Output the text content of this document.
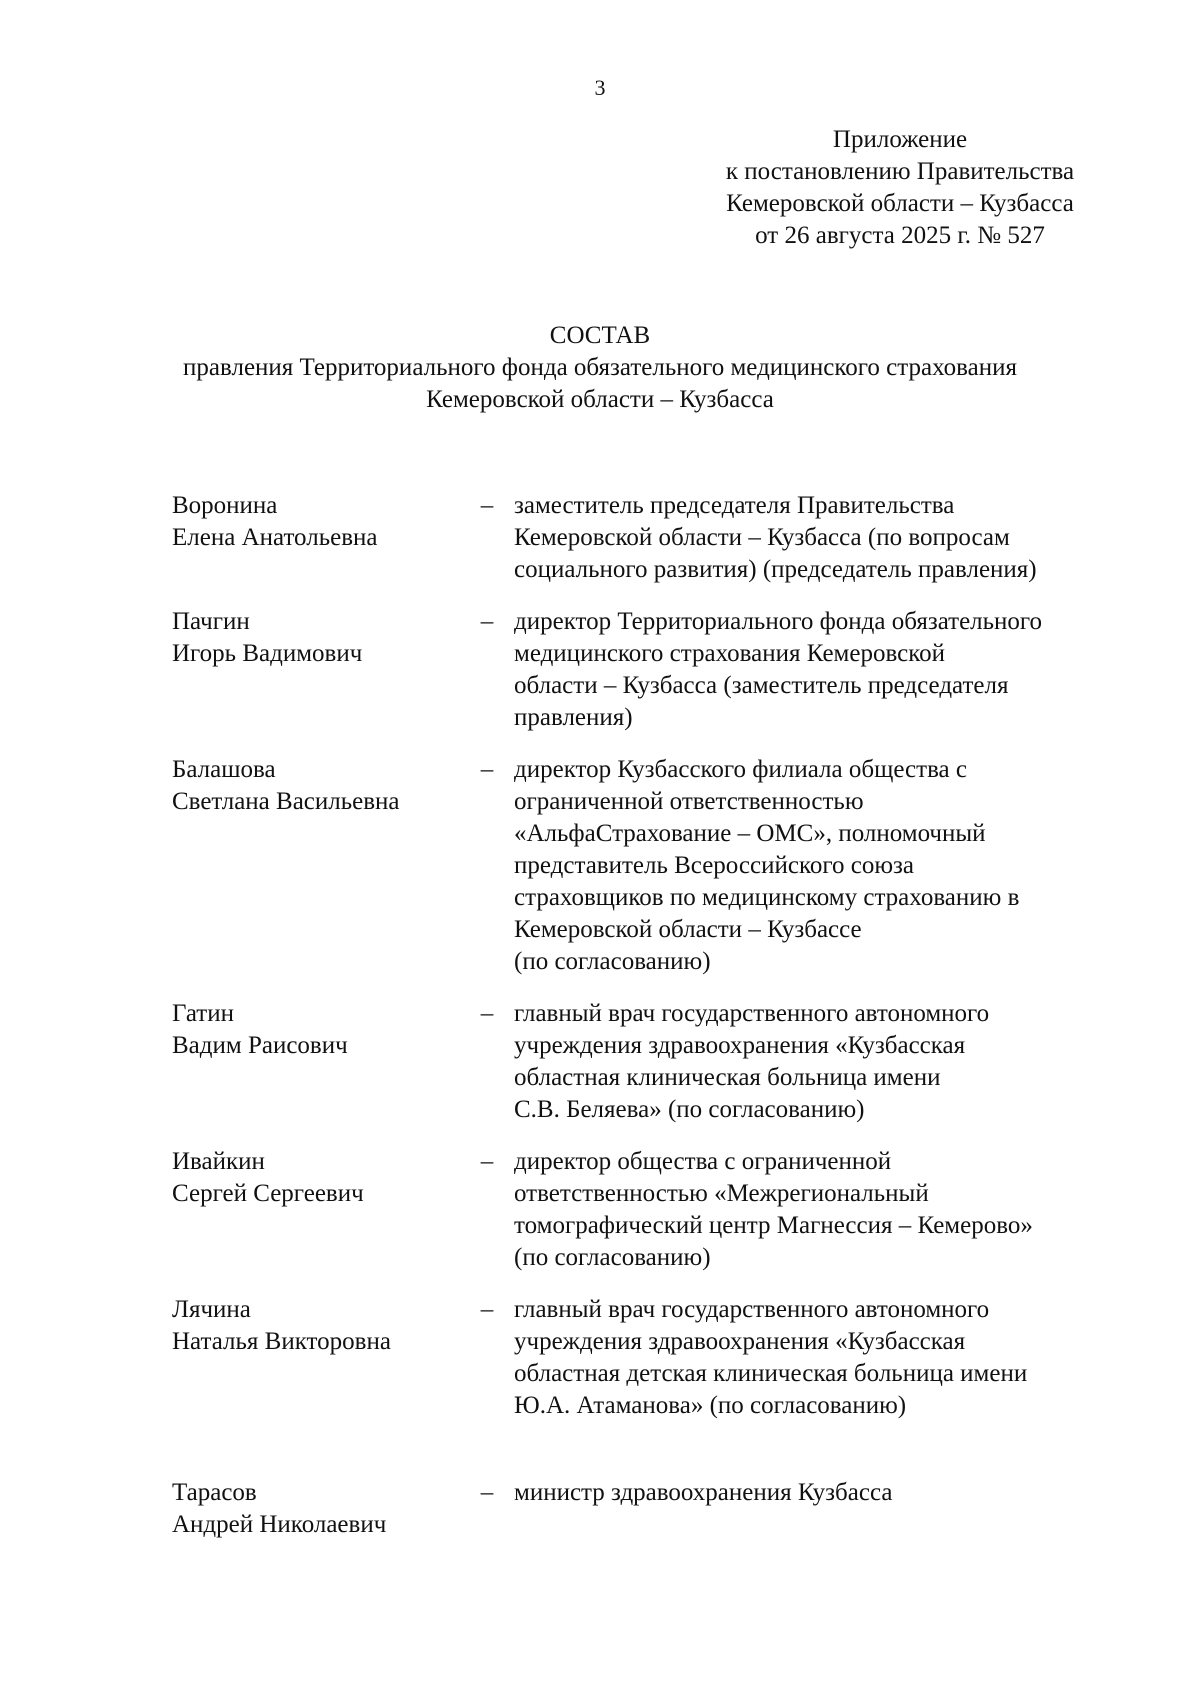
3
Приложение
к постановлению Правительства
Кемеровской области – Кузбасса
от 26 августа 2025 г. № 527
СОСТАВ
правления Территориального фонда обязательного медицинского страхования
Кемеровской области – Кузбасса
Воронина
Елена Анатольевна
– заместитель председателя Правительства
Кемеровской области – Кузбасса (по вопросам
социального развития) (председатель правления)
Пачгин
Игорь Вадимович
– директор Территориального фонда обязательного
медицинского страхования Кемеровской
области – Кузбасса (заместитель председателя
правления)
Балашова
Светлана Васильевна
– директор Кузбасского филиала общества с
ограниченной ответственностью
«АльфаСтрахование – ОМС», полномочный
представитель Всероссийского союза
страховщиков по медицинскому страхованию в
Кемеровской области – Кузбассе
(по согласованию)
Гатин
Вадим Раисович
– главный врач государственного автономного
учреждения здравоохранения «Кузбасская
областная клиническая больница имени
С.В. Беляева» (по согласованию)
Ивайкин
Сергей Сергеевич
– директор общества с ограниченной
ответственностью «Межрегиональный
томографический центр Магнессия – Кемерово»
(по согласованию)
Лячина
Наталья Викторовна
– главный врач государственного автономного
учреждения здравоохранения «Кузбасская
областная детская клиническая больница имени
Ю.А. Атаманова» (по согласованию)
Тарасов
Андрей Николаевич
– министр здравоохранения Кузбасса
